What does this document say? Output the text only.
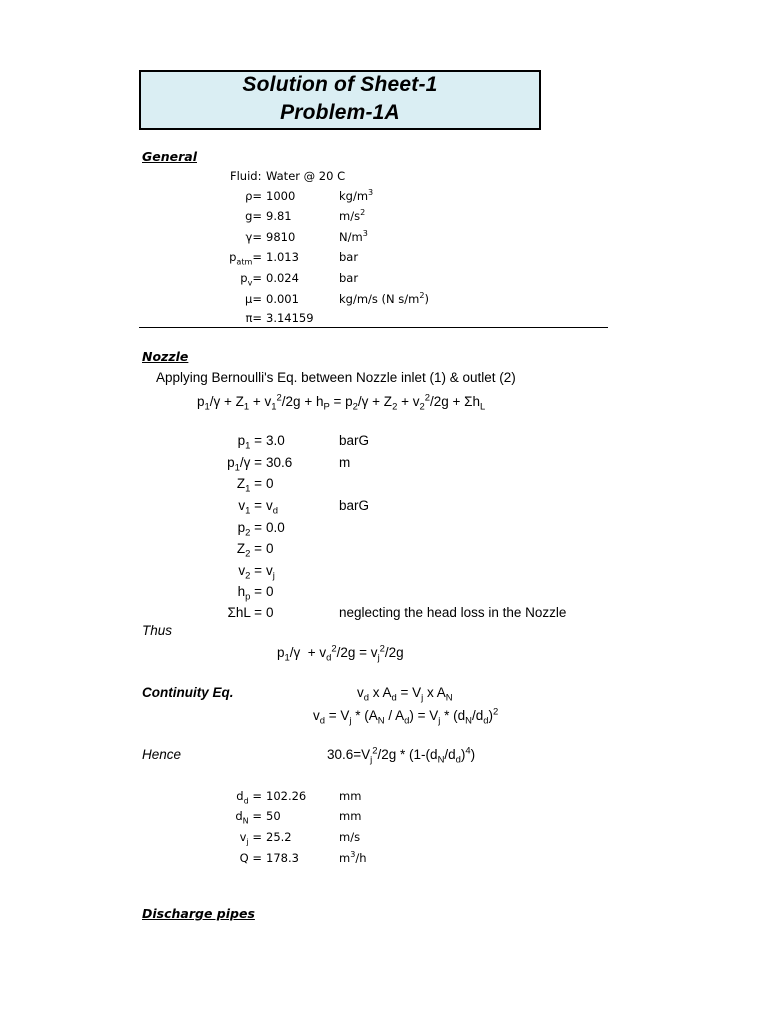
Solution of Sheet-1
Problem-1A
General
Fluid: Water @ 20 C
ρ= 1000	$kg/m^3$
g= 9.81	$m/s^2$
γ= 9810	$N/m^3$
$p_{atm}= 1.013$	bar
$p_v= 0.024$	bar
μ= 0.001	kg/m/s (N $s/m^2$)
π= 3.14159
Nozzle
Applying Bernoulli's Eq. between Nozzle inlet (1) & outlet (2)
$p_1/\gamma + Z_1 + v_1^2/2g + h_P = p_2/\gamma + Z_2 + v_2^2/2g + \Sigma h_L$
$p_1 = 3.0$	barG
$p_1/\gamma = 30.6$	m
$Z_1 = 0$
$v_1 = v_d$	barG
$p_2 = 0.0$
$Z_2 = 0$
$v_2 = v_j$
$h_p = 0$
ΣhL = 0	neglecting the head loss in the Nozzle
Thus
$p_1/\gamma + v_d^2/2g = v_j^2/2g$
Continuity Eq.	$v_d$ x $A_d = V_j$ x $A_N$
$v_d = V_j * (A_N / A_d) = V_j * (d_N/d_d)^2$
Hence	$30.6=V_j^2/2g * (1-(d_N/d_d)^4)$
$d_d = 102.26$	mm
$d_N = 50$	mm
$v_j = 25.2$	m/s
Q = 178.3	$m^3/h$
Discharge pipes
